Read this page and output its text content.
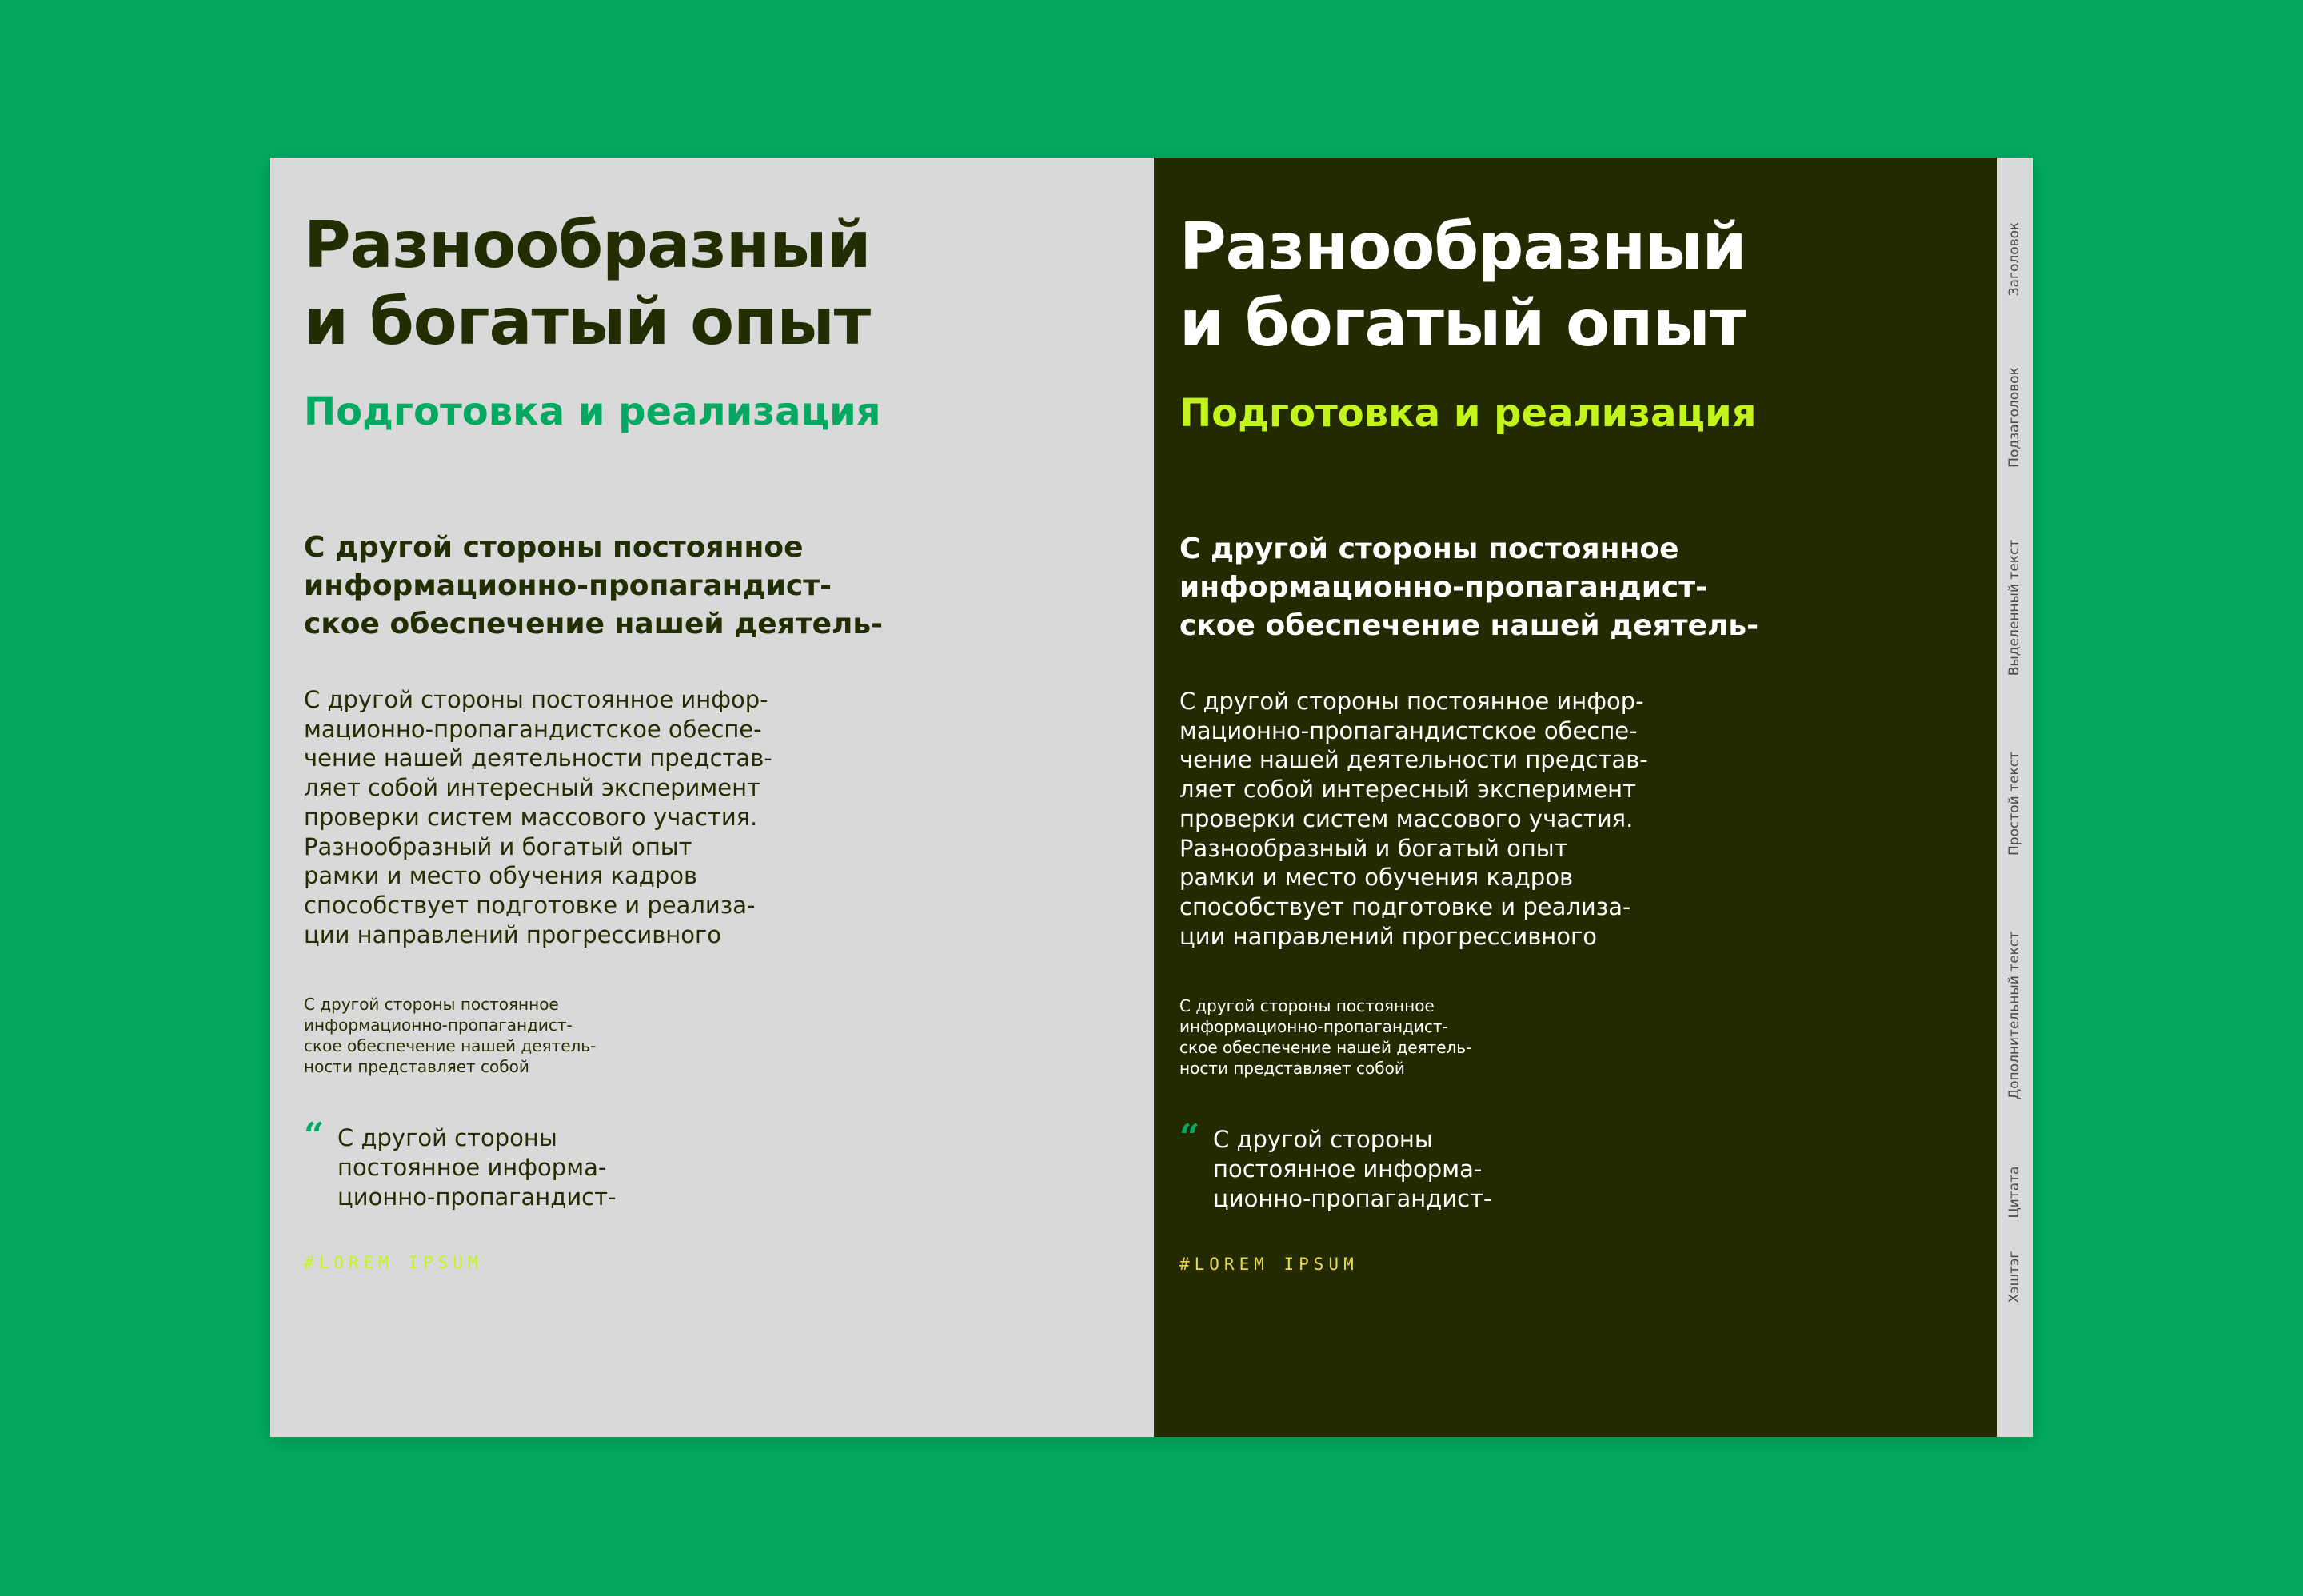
Разнообразный
и богатый опыт
Подготовка и реализация
С другой стороны постоянное
информационно-пропагандист-
ское обеспечение нашей деятель-
С другой стороны постоянное инфор-
мационно-пропагандистское обеспе-
чение нашей деятельности представ-
ляет собой интересный эксперимент
проверки систем массового участия.
Разнообразный и богатый опыт
рамки и место обучения кадров
способствует подготовке и реализа-
ции направлений прогрессивного
С другой стороны постоянное
информационно-пропагандист-
ское обеспечение нашей деятель-
ности представляет собой
“ С другой стороны
постоянное информа-
ционно-пропагандист-
#LOREM IPSUM
Разнообразный
и богатый опыт
Подготовка и реализация
С другой стороны постоянное
информационно-пропагандист-
ское обеспечение нашей деятель-
С другой стороны постоянное инфор-
мационно-пропагандистское обеспе-
чение нашей деятельности представ-
ляет собой интересный эксперимент
проверки систем массового участия.
Разнообразный и богатый опыт
рамки и место обучения кадров
способствует подготовке и реализа-
ции направлений прогрессивного
С другой стороны постоянное
информационно-пропагандист-
ское обеспечение нашей деятель-
ности представляет собой
“ С другой стороны
постоянное информа-
ционно-пропагандист-
#LOREM IPSUM
Заголовок
Подзаголовок
Выделенный текст
Простой текст
Дополнительный текст
Цитата
Хэштэг
